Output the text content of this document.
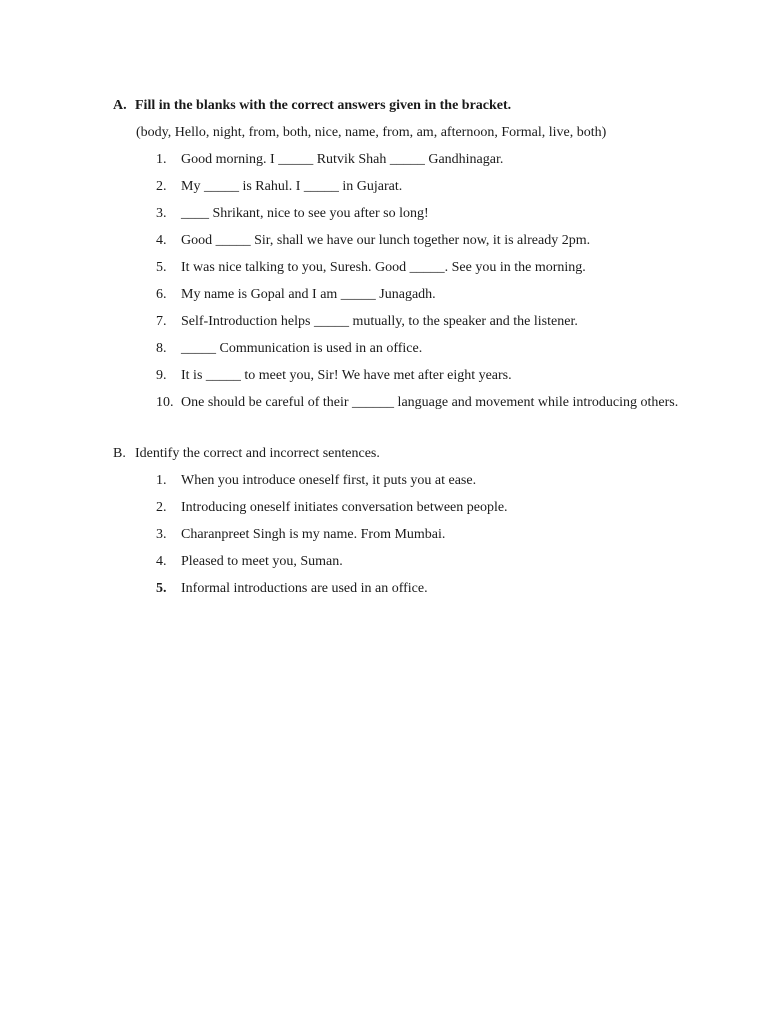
A. Fill in the blanks with the correct answers given in the bracket.
(body, Hello, night, from, both, nice, name, from, am, afternoon, Formal, live, both)
1.	Good morning. I _____ Rutvik Shah _____ Gandhinagar.
2.	My _____ is Rahul. I _____ in Gujarat.
3.	____ Shrikant, nice to see you after so long!
4.	Good _____ Sir, shall we have our lunch together now, it is already 2pm.
5.	It was nice talking to you, Suresh. Good _____. See you in the morning.
6.	My name is Gopal and I am _____ Junagadh.
7.	Self-Introduction helps _____ mutually, to the speaker and the listener.
8.	_____ Communication is used in an office.
9.	It is _____ to meet you, Sir! We have met after eight years.
10. One should be careful of their ______ language and movement while introducing others.
B. Identify the correct and incorrect sentences.
1.	When you introduce oneself first, it puts you at ease.
2.	Introducing oneself initiates conversation between people.
3.	Charanpreet Singh is my name. From Mumbai.
4.	Pleased to meet you, Suman.
5.	Informal introductions are used in an office.
